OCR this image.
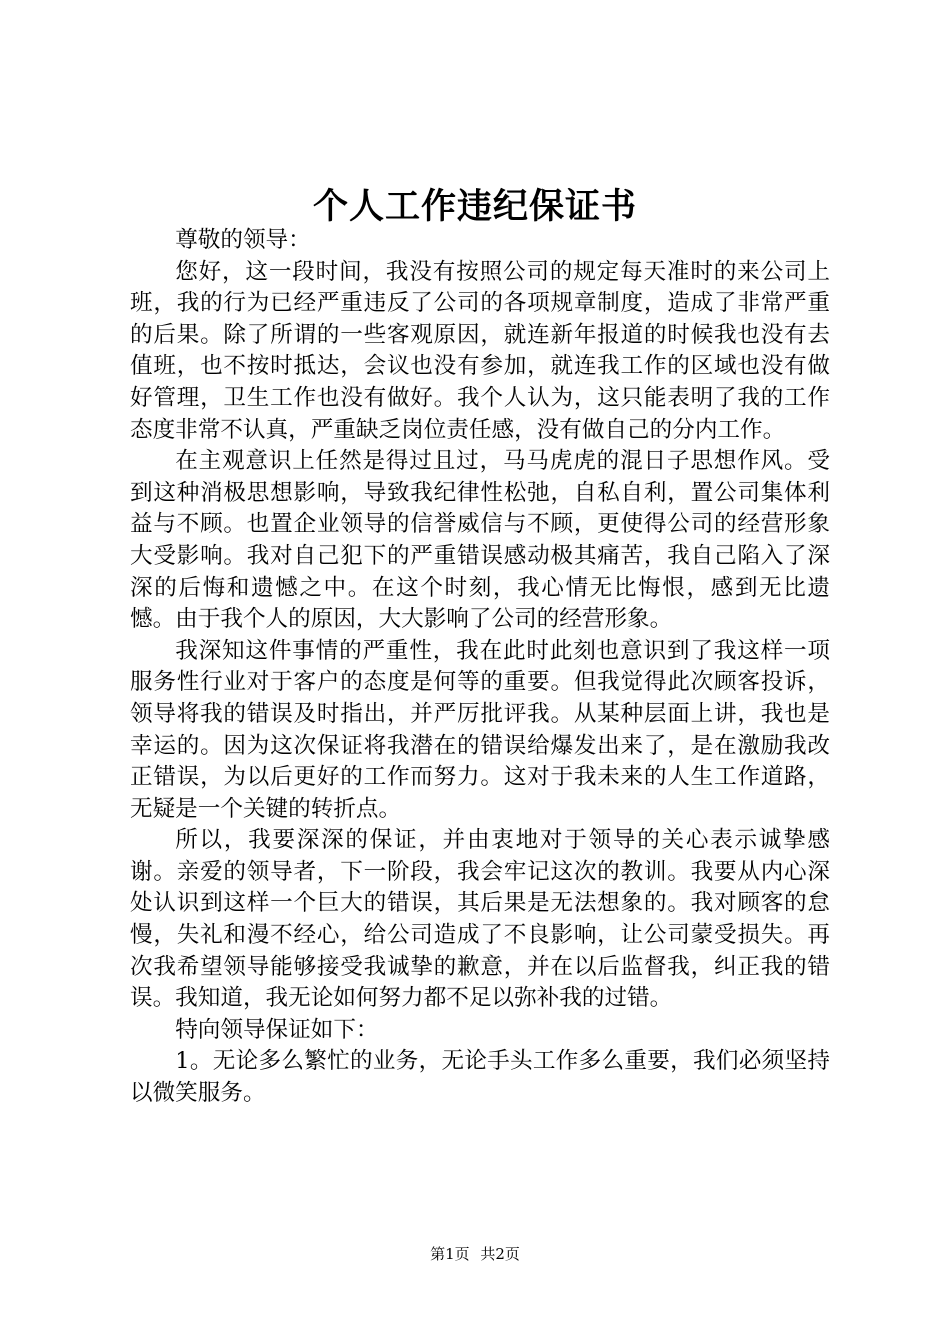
个人工作违纪保证书

尊敬的领导：

您好，这一段时间，我没有按照公司的规定每天准时的来公司上班，我的行为已经严重违反了公司的各项规章制度，造成了非常严重的后果。除了所谓的一些客观原因，就连新年报道的时候我也没有去值班，也不按时抵达，会议也没有参加，就连我工作的区域也没有做好管理，卫生工作也没有做好。我个人认为，这只能表明了我的工作态度非常不认真，严重缺乏岗位责任感，没有做自己的分内工作。

在主观意识上任然是得过且过，马马虎虎的混日子思想作风。受到这种消极思想影响，导致我纪律性松弛，自私自利，置公司集体利益与不顾。也置企业领导的信誉威信与不顾，更使得公司的经营形象大受影响。我对自己犯下的严重错误感动极其痛苦，我自己陷入了深深的后悔和遗憾之中。在这个时刻，我心情无比悔恨，感到无比遗憾。由于我个人的原因，大大影响了公司的经营形象。

我深知这件事情的严重性，我在此时此刻也意识到了我这样一项服务性行业对于客户的态度是何等的重要。但我觉得此次顾客投诉，领导将我的错误及时指出，并严厉批评我。从某种层面上讲，我也是幸运的。因为这次保证将我潜在的错误给爆发出来了，是在激励我改正错误，为以后更好的工作而努力。这对于我未来的人生工作道路，无疑是一个关键的转折点。

所以，我要深深的保证，并由衷地对于领导的关心表示诚挚感谢。亲爱的领导者，下一阶段，我会牢记这次的教训。我要从内心深处认识到这样一个巨大的错误，其后果是无法想象的。我对顾客的怠慢，失礼和漫不经心，给公司造成了不良影响，让公司蒙受损失。再次我希望领导能够接受我诚挚的歉意，并在以后监督我，纠正我的错误。我知道，我无论如何努力都不足以弥补我的过错。

特向领导保证如下：

1。无论多么繁忙的业务，无论手头工作多么重要，我们必须坚持以微笑服务。

第1页 共2页
